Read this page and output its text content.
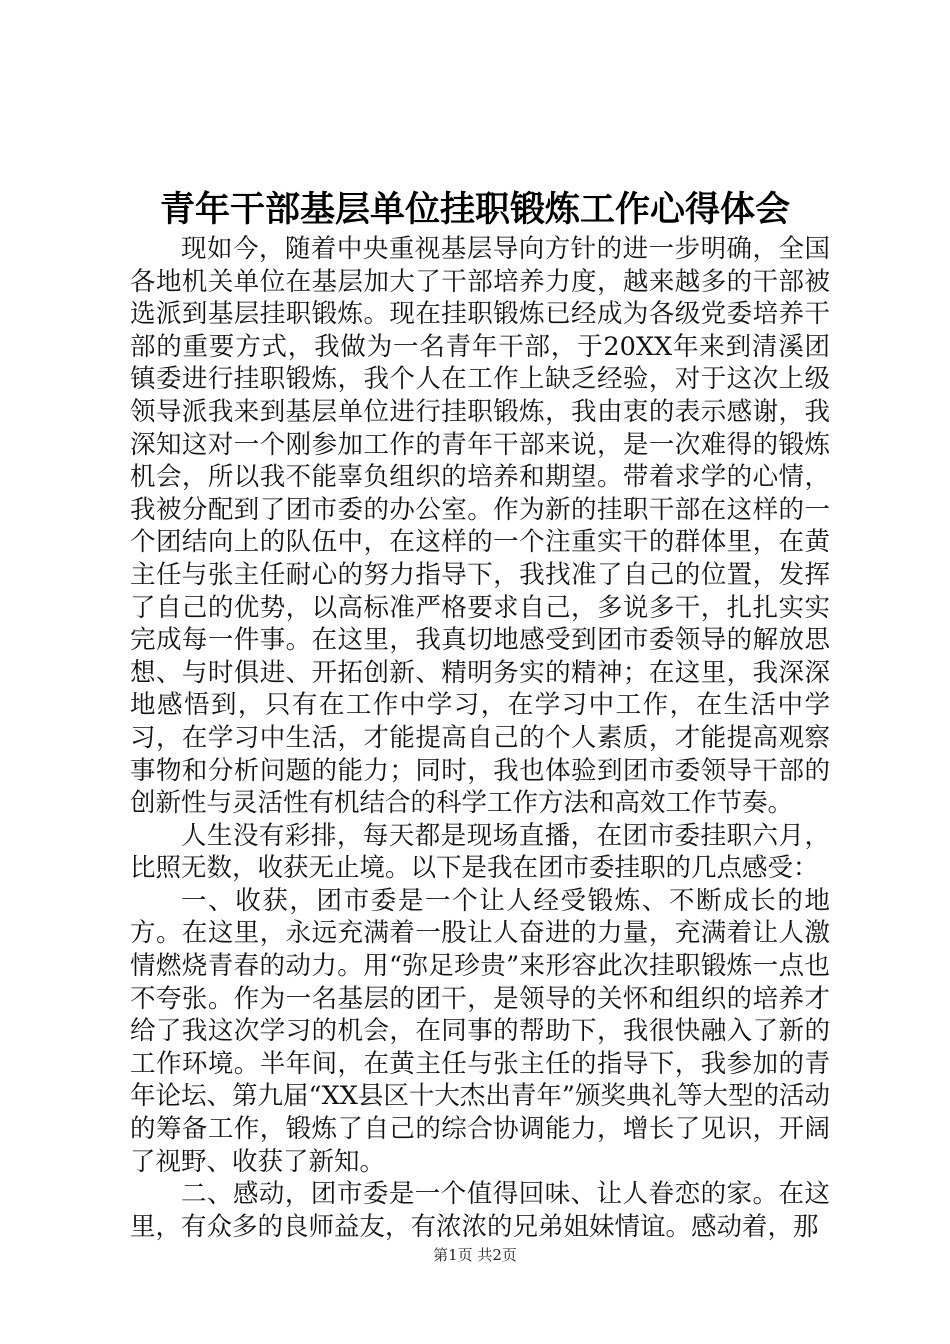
青年干部基层单位挂职锻炼工作心得体会

现如今，随着中央重视基层导向方针的进一步明确，全国各地机关单位在基层加大了干部培养力度，越来越多的干部被选派到基层挂职锻炼。现在挂职锻炼已经成为各级党委培养干部的重要方式，我做为一名青年干部，于20XX年来到清溪团镇委进行挂职锻炼，我个人在工作上缺乏经验，对于这次上级领导派我来到基层单位进行挂职锻炼，我由衷的表示感谢，我深知这对一个刚参加工作的青年干部来说，是一次难得的锻炼机会，所以我不能辜负组织的培养和期望。带着求学的心情，我被分配到了团市委的办公室。作为新的挂职干部在这样的一个团结向上的队伍中，在这样的一个注重实干的群体里，在黄主任与张主任耐心的努力指导下，我找准了自己的位置，发挥了自己的优势，以高标准严格要求自己，多说多干，扎扎实实完成每一件事。在这里，我真切地感受到团市委领导的解放思想、与时俱进、开拓创新、精明务实的精神；在这里，我深深地感悟到，只有在工作中学习，在学习中工作，在生活中学习，在学习中生活，才能提高自己的个人素质，才能提高观察事物和分析问题的能力；同时，我也体验到团市委领导干部的创新性与灵活性有机结合的科学工作方法和高效工作节奏。

人生没有彩排，每天都是现场直播，在团市委挂职六月，比照无数，收获无止境。以下是我在团市委挂职的几点感受：

一、收获，团市委是一个让人经受锻炼、不断成长的地方。在这里，永远充满着一股让人奋进的力量，充满着让人激情燃烧青春的动力。用“弥足珍贵”来形容此次挂职锻炼一点也不夸张。作为一名基层的团干，是领导的关怀和组织的培养才给了我这次学习的机会，在同事的帮助下，我很快融入了新的工作环境。半年间，在黄主任与张主任的指导下，我参加的青年论坛、第九届“XX县区十大杰出青年”颁奖典礼等大型的活动的筹备工作，锻炼了自己的综合协调能力，增长了见识，开阔了视野、收获了新知。

二、感动，团市委是一个值得回味、让人眷恋的家。在这里，有众多的良师益友，有浓浓的兄弟姐妹情谊。感动着，那

第1页 共2页
